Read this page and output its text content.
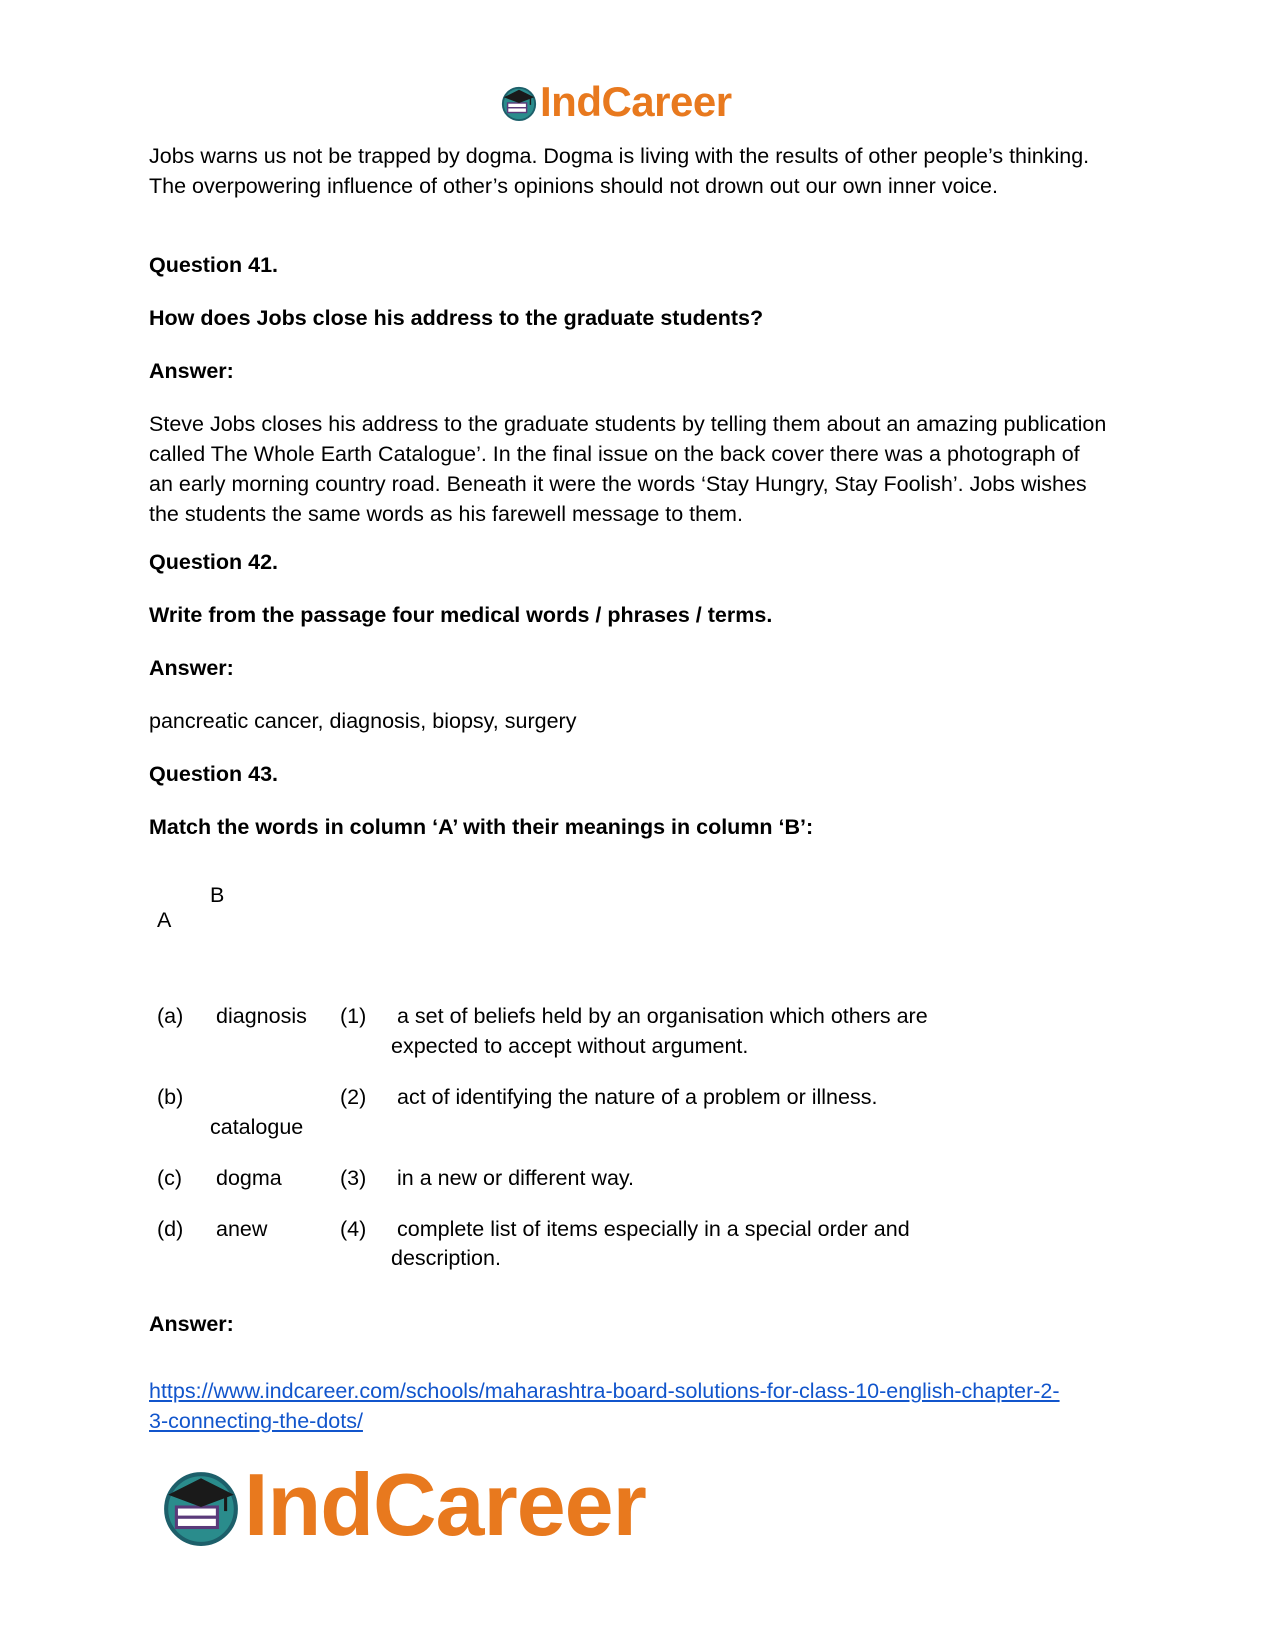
IndCareer

Jobs warns us not be trapped by dogma. Dogma is living with the results of other people’s thinking. The overpowering influence of other’s opinions should not drown out our own inner voice.

Question 41.

How does Jobs close his address to the graduate students?

Answer:

Steve Jobs closes his address to the graduate students by telling them about an amazing publication called The Whole Earth Catalogue’. In the final issue on the back cover there was a photograph of an early morning country road. Beneath it were the words ‘Stay Hungry, Stay Foolish’. Jobs wishes the students the same words as his farewell message to them.

Question 42.

Write from the passage four medical words / phrases / terms.

Answer:

pancreatic cancer, diagnosis, biopsy, surgery

Question 43.

Match the words in column ‘A’ with their meanings in column ‘B’:

B
A
(a) diagnosis (1) a set of beliefs held by an organisation which others are
expected to accept without argument.
(b)
catalogue
(2) act of identifying the nature of a problem or illness.
(c) dogma	(3) in a new or different way.
(d) anew	(4) complete list of items especially in a special order and
description.

Answer:

https://www.indcareer.com/schools/maharashtra-board-solutions-for-class-10-english-chapter-2-
3-connecting-the-dots/
IndCareer
